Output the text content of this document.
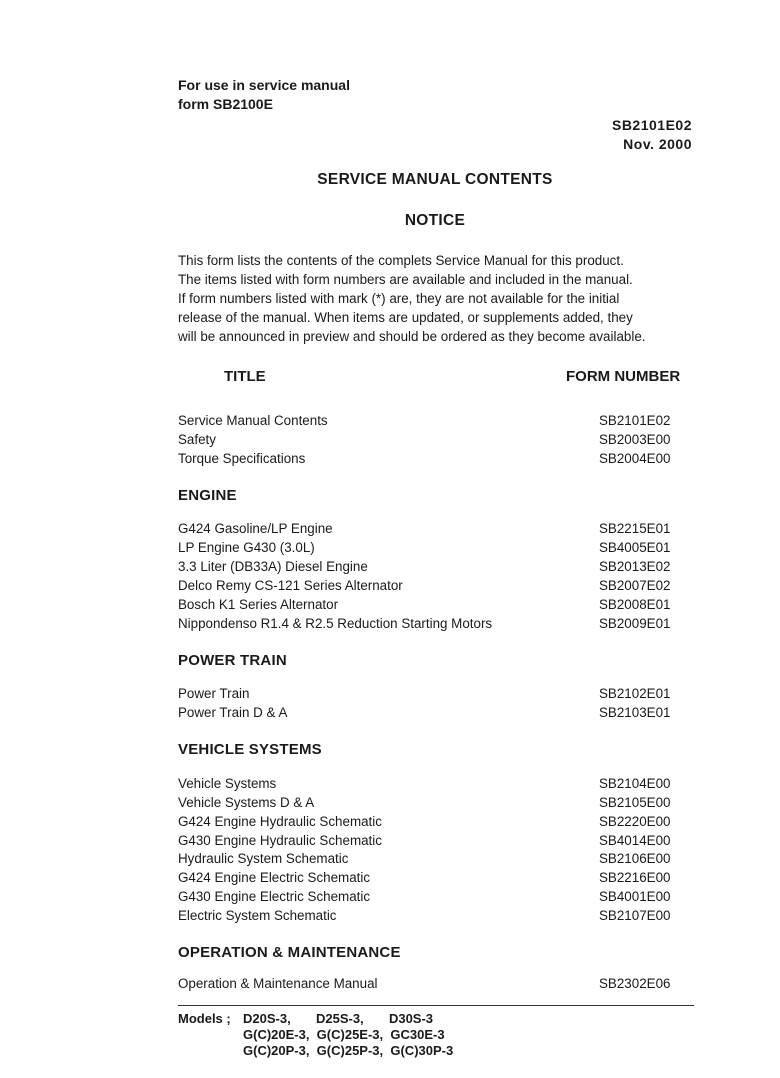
For use in service manual
form SB2100E
SB2101E02
Nov. 2000
SERVICE MANUAL CONTENTS
NOTICE
This form lists the contents of the complets Service Manual for this product.
The items listed with form numbers are available and included in the manual.
If form numbers listed with mark (*) are, they are not available for the initial
release of the manual. When items are updated, or supplements added, they
will be announced in preview and should be ordered as they become available.
TITLE	FORM NUMBER
Service Manual Contents	SB2101E02
Safety	SB2003E00
Torque Specifications	SB2004E00
ENGINE
G424 Gasoline/LP Engine	SB2215E01
LP Engine G430 (3.0L)	SB4005E01
3.3 Liter (DB33A) Diesel Engine	SB2013E02
Delco Remy CS-121 Series Alternator	SB2007E02
Bosch K1 Series Alternator	SB2008E01
Nippondenso R1.4 & R2.5 Reduction Starting Motors	SB2009E01
POWER TRAIN
Power Train	SB2102E01
Power Train D & A	SB2103E01
VEHICLE SYSTEMS
Vehicle Systems	SB2104E00
Vehicle Systems D & A	SB2105E00
G424 Engine Hydraulic Schematic	SB2220E00
G430 Engine Hydraulic Schematic	SB4014E00
Hydraulic System Schematic	SB2106E00
G424 Engine Electric Schematic	SB2216E00
G430 Engine Electric Schematic	SB4001E00
Electric System Schematic	SB2107E00
OPERATION & MAINTENANCE
Operation & Maintenance Manual	SB2302E06
Models ; D20S-3,       D25S-3,       D30S-3
G(C)20E-3,  G(C)25E-3,  GC30E-3
G(C)20P-3,  G(C)25P-3,  G(C)30P-3
